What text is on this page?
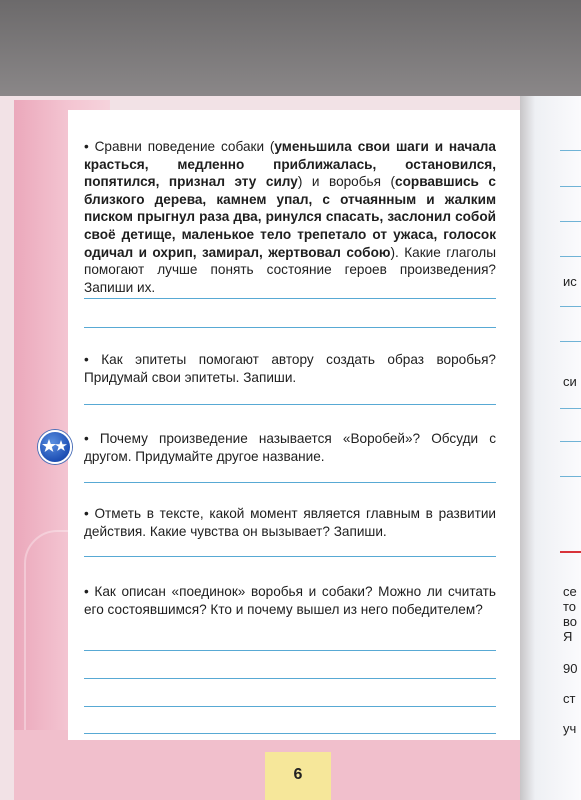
ис
си
се
то
во
Я
90
ст
уч
• Сравни поведение собаки (уменьшила свои шаги и начала красться, медленно приближалась, остановился, попятился, признал эту силу) и воробья (сорвавшись с близкого дерева, камнем упал, с отчаянным и жалким писком прыгнул раза два, ринулся спасать, заслонил собой своё детище, маленькое тело трепетало от ужаса, голосок одичал и охрип, замирал, жертвовал собою). Какие глаголы помогают лучше понять состояние героев произведения? Запиши их.
• Как эпитеты помогают автору создать образ воробья? Придумай свои эпитеты. Запиши.
• Почему произведение называется «Воробей»? Обсуди с другом. Придумайте другое название.
• Отметь в тексте, какой момент является главным в развитии действия. Какие чувства он вызывает? Запиши.
• Как описан «поединок» воробья и собаки? Можно ли считать его состоявшимся? Кто и почему вышел из него победителем?
6
